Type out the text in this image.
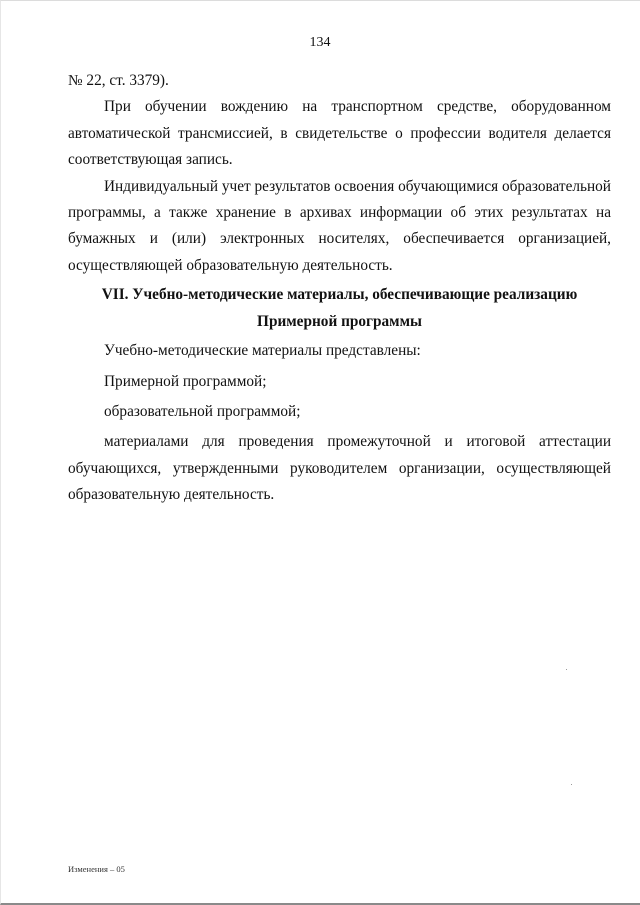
134

№ 22, ст. 3379).

При обучении вождению на транспортном средстве, оборудованном автоматической трансмиссией, в свидетельстве о профессии водителя делается соответствующая запись.

Индивидуальный учет результатов освоения обучающимися образовательной программы, а также хранение в архивах информации об этих результатах на бумажных и (или) электронных носителях, обеспечивается организацией, осуществляющей образовательную деятельность.

VII. Учебно-методические материалы, обеспечивающие реализацию
Примерной программы

Учебно-методические материалы представлены:

Примерной программой;

образовательной программой;

материалами для проведения промежуточной и итоговой аттестации обучающихся, утвержденными руководителем организации, осуществляющей образовательную деятельность.

Изменения – 05
